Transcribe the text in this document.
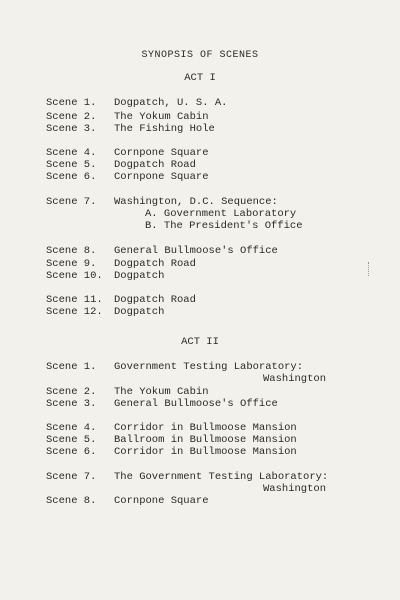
SYNOPSIS OF SCENES
ACT I
Scene 1. Dogpatch, U. S. A.
Scene 2. The Yokum Cabin
Scene 3. The Fishing Hole
Scene 4. Cornpone Square
Scene 5. Dogpatch Road
Scene 6. Cornpone Square
Scene 7. Washington, D.C. Sequence:
A. Government Laboratory
B. The President's Office
Scene 8. General Bullmoose's Office
Scene 9. Dogpatch Road
Scene 10. Dogpatch
Scene 11. Dogpatch Road
Scene 12. Dogpatch
ACT II
Scene 1. Government Testing Laboratory:
Washington
Scene 2. The Yokum Cabin
Scene 3. General Bullmoose's Office
Scene 4. Corridor in Bullmoose Mansion
Scene 5. Ballroom in Bullmoose Mansion
Scene 6. Corridor in Bullmoose Mansion
Scene 7. The Government Testing Laboratory:
Washington
Scene 8. Cornpone Square
